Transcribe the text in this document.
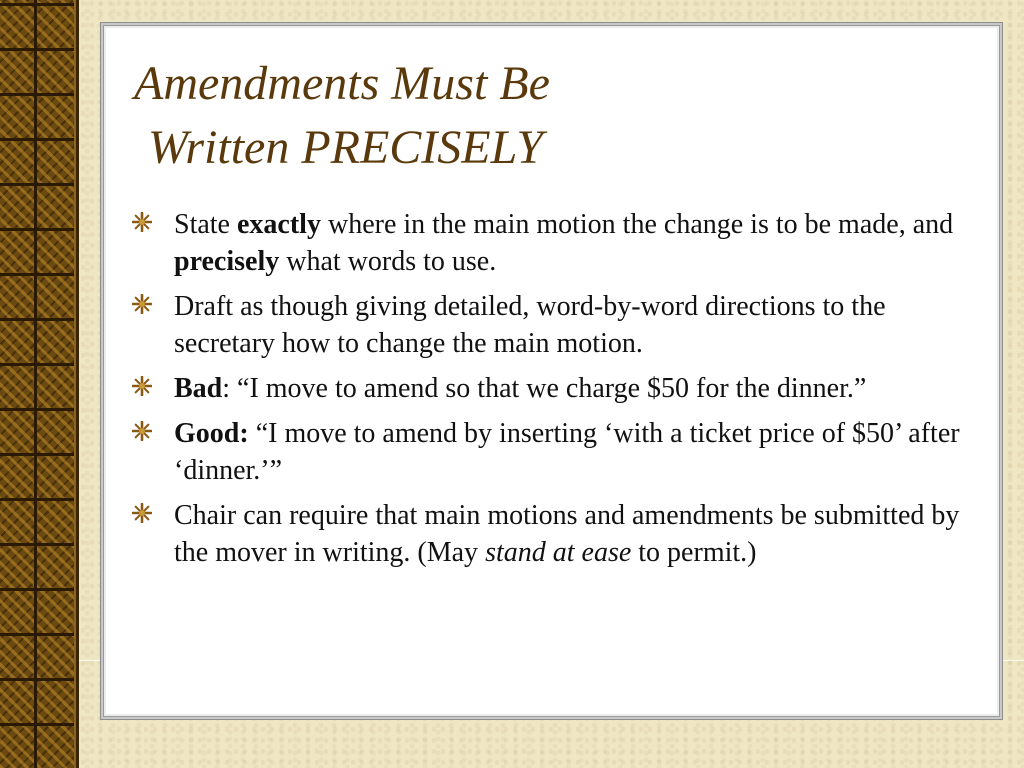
Amendments Must Be
Written PRECISELY
State exactly where in the main motion the change is to be made, and precisely what words to use.
Draft as though giving detailed, word-by-word directions to the secretary how to change the main motion.
Bad: “I move to amend so that we charge $50 for the dinner.”
Good: “I move to amend by inserting ‘with a ticket price of $50’ after ‘dinner.’”
Chair can require that main motions and amendments be submitted by the mover in writing. (May stand at ease to permit.)
